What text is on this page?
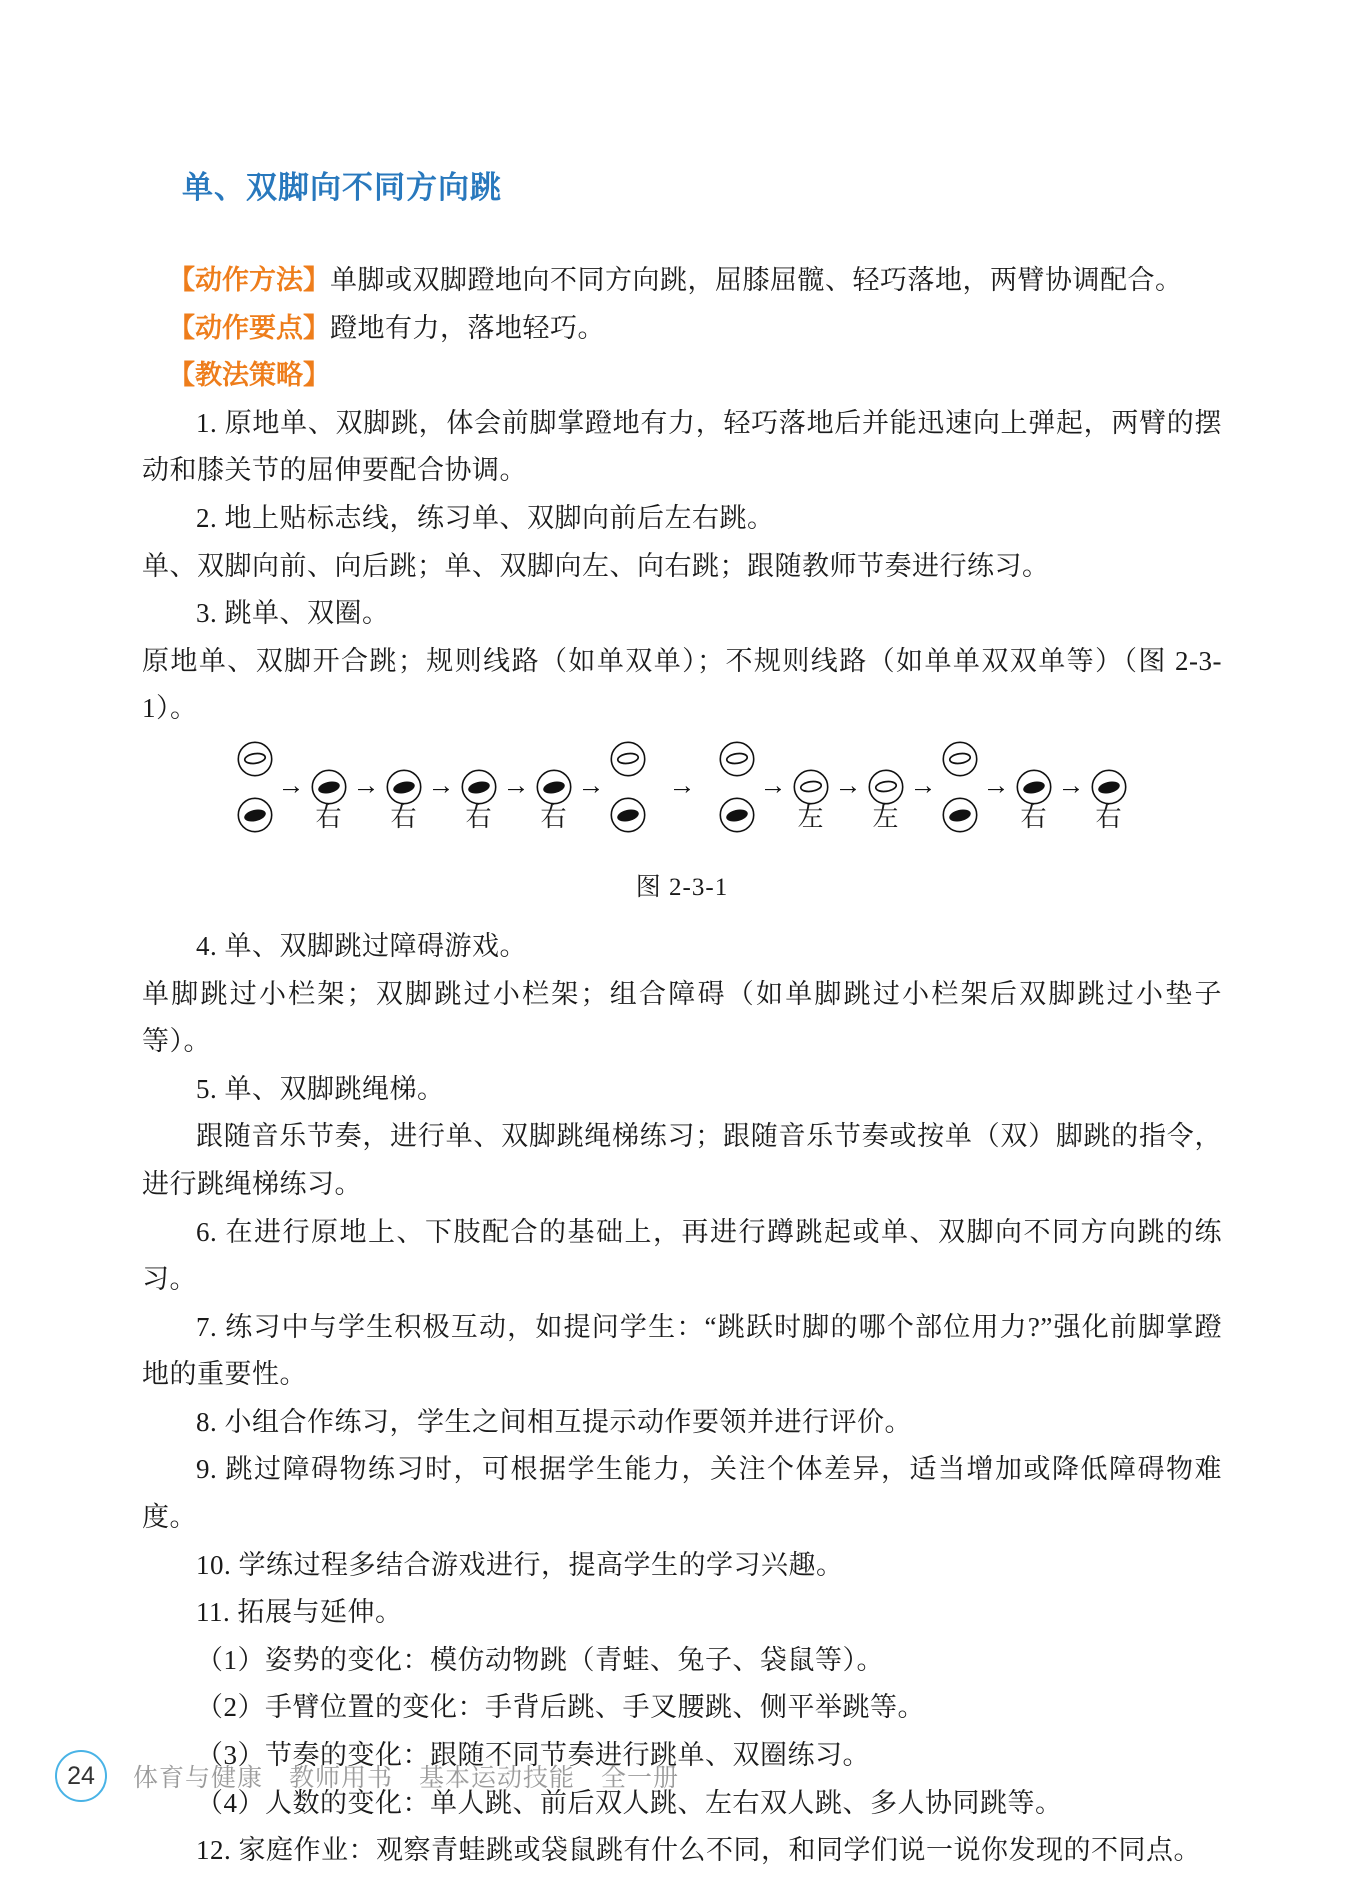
单、双脚向不同方向跳

【动作方法】单脚或双脚蹬地向不同方向跳，屈膝屈髋、轻巧落地，两臂协调配合。

【动作要点】蹬地有力，落地轻巧。

【教法策略】

1. 原地单、双脚跳，体会前脚掌蹬地有力，轻巧落地后并能迅速向上弹起，两臂的摆动和膝关节的屈伸要配合协调。

2. 地上贴标志线，练习单、双脚向前后左右跳。

单、双脚向前、向后跳；单、双脚向左、向右跳；跟随教师节奏进行练习。

3. 跳单、双圈。

原地单、双脚开合跳；规则线路（如单双单）；不规则线路（如单单双双单等）（图 2-3-1）。

→
右
→
右
→
右
→
右
→	→	→
左
→
左
→ →
右
→
右
图 2-3-1

4. 单、双脚跳过障碍游戏。

单脚跳过小栏架；双脚跳过小栏架；组合障碍（如单脚跳过小栏架后双脚跳过小垫子等）。

5. 单、双脚跳绳梯。

跟随音乐节奏，进行单、双脚跳绳梯练习；跟随音乐节奏或按单（双）脚跳的指令，进行跳绳梯练习。

6. 在进行原地上、下肢配合的基础上，再进行蹲跳起或单、双脚向不同方向跳的练习。

7. 练习中与学生积极互动，如提问学生：“跳跃时脚的哪个部位用力?”强化前脚掌蹬地的重要性。

8. 小组合作练习，学生之间相互提示动作要领并进行评价。

9. 跳过障碍物练习时，可根据学生能力，关注个体差异，适当增加或降低障碍物难度。

10. 学练过程多结合游戏进行，提高学生的学习兴趣。

11. 拓展与延伸。

（1）姿势的变化：模仿动物跳（青蛙、兔子、袋鼠等）。

（2）手臂位置的变化：手背后跳、手叉腰跳、侧平举跳等。

（3）节奏的变化：跟随不同节奏进行跳单、双圈练习。

（4）人数的变化：单人跳、前后双人跳、左右双人跳、多人协同跳等。

12. 家庭作业：观察青蛙跳或袋鼠跳有什么不同，和同学们说一说你发现的不同点。

24 体育与健康　教师用书　基本运动技能　全一册
